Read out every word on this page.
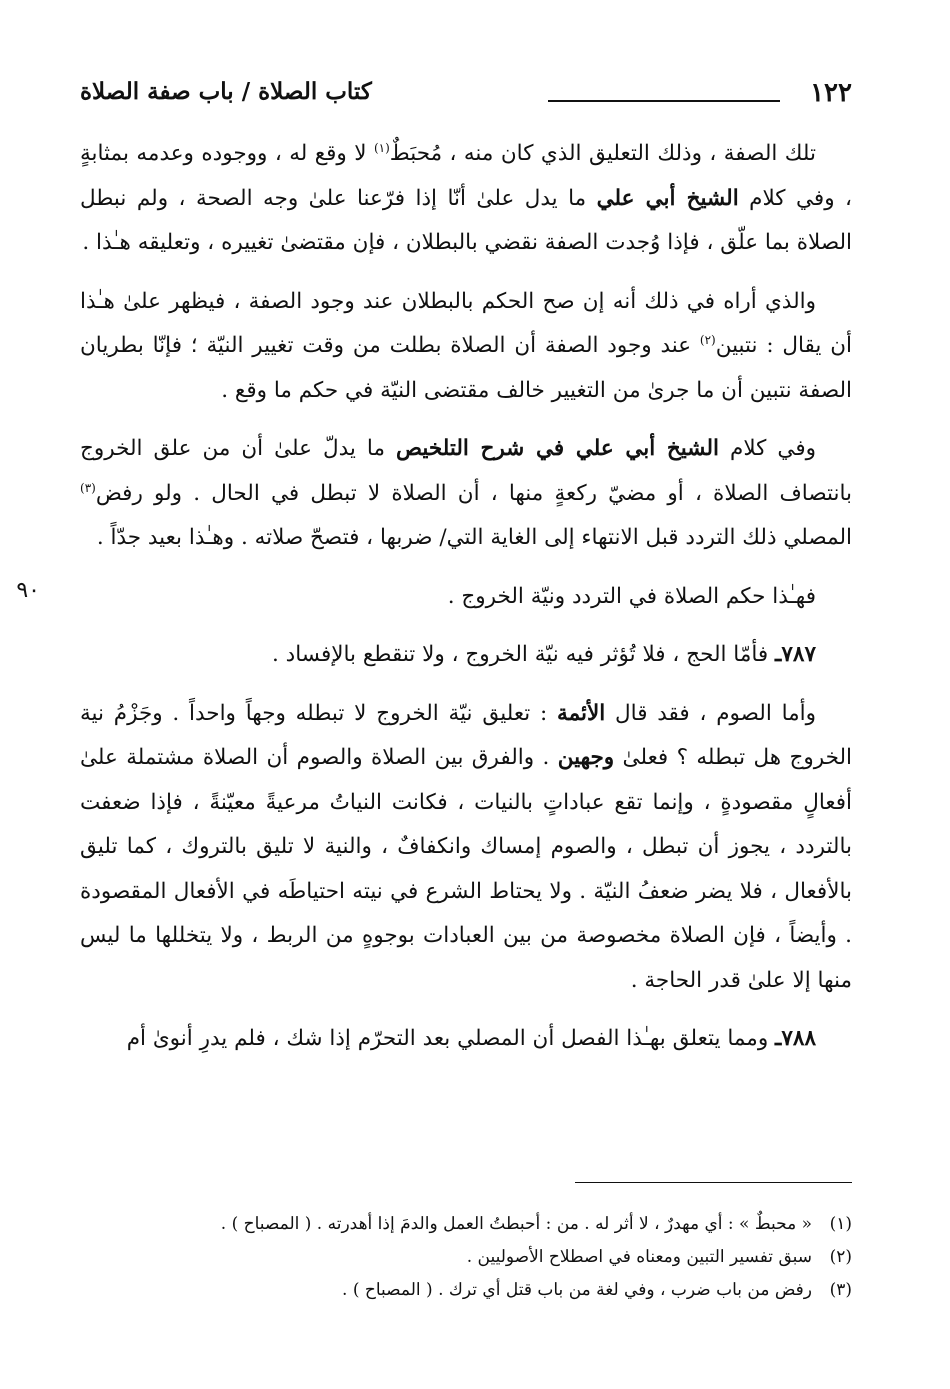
١٢٢
كتاب الصلاة / باب صفة الصلاة

تلك الصفة ، وذلك التعليق الذي كان منه ، مُحبَطٌ$^{(١)}$ لا وقع له ، ووجوده وعدمه بمثابةٍ ، وفي كلام الشيخ أبي علي ما يدل علىٰ أنّا إذا فرّعنا علىٰ وجه الصحة ، ولم نبطل الصلاة بما علّق ، فإذا وُجدت الصفة نقضي بالبطلان ، فإن مقتضىٰ تغييره ، وتعليقه هـٰذا .

والذي أراه في ذلك أنه إن صح الحكم بالبطلان عند وجود الصفة ، فيظهر علىٰ هـٰذا أن يقال : نتبين$^{(٢)}$ عند وجود الصفة أن الصلاة بطلت من وقت تغيير النيّة ؛ فإنّا بطريان الصفة نتبين أن ما جرىٰ من التغيير خالف مقتضى النيّة في حكم ما وقع .

وفي كلام الشيخ أبي علي في شرح التلخيص ما يدلّ علىٰ أن من علق الخروج بانتصاف الصلاة ، أو مضيّ ركعةٍ منها ، أن الصلاة لا تبطل في الحال . ولو رفض$^{(٣)}$ المصلي ذلك التردد قبل الانتهاء إلى الغاية التي/ ضربها ، فتصحّ صلاته . وهـٰذا بعيد جدّاً .

فهـٰذا حكم الصلاة في التردد ونيّة الخروج .

٧٨٧ـ فأمّا الحج ، فلا تُؤثر فيه نيّة الخروج ، ولا تنقطع بالإفساد .

وأما الصوم ، فقد قال الأئمة : تعليق نيّة الخروج لا تبطله وجهاً واحداً . وجَزْمُ نية الخروج هل تبطله ؟ فعلىٰ وجهين . والفرق بين الصلاة والصوم أن الصلاة مشتملة علىٰ أفعالٍ مقصودةٍ ، وإنما تقع عباداتٍ بالنيات ، فكانت النياتُ مرعيةً معيّنةً ، فإذا ضعفت بالتردد ، يجوز أن تبطل ، والصوم إمساك وانكفافٌ ، والنية لا تليق بالتروك ، كما تليق بالأفعال ، فلا يضر ضعفُ النيّة . ولا يحتاط الشرع في نيته احتياطَه في الأفعال المقصودة . وأيضاً ، فإن الصلاة مخصوصة من بين العبادات بوجوهٍ من الربط ، ولا يتخللها ما ليس منها إلا علىٰ قدر الحاجة .

٧٨٨ـ ومما يتعلق بهـٰذا الفصل أن المصلي بعد التحرّم إذا شك ، فلم يدرِ أنوىٰ أم

٩٠
(١)« محبطٌ » : أي مهدرٌ ، لا أثر له . من : أحبطتُ العمل والدمَ إذا أهدرته . ( المصباح ) .
(٢)سبق تفسير التبين ومعناه في اصطلاح الأصوليين .
(٣)رفض من باب ضرب ، وفي لغة من باب قتل أي ترك . ( المصباح ) .
